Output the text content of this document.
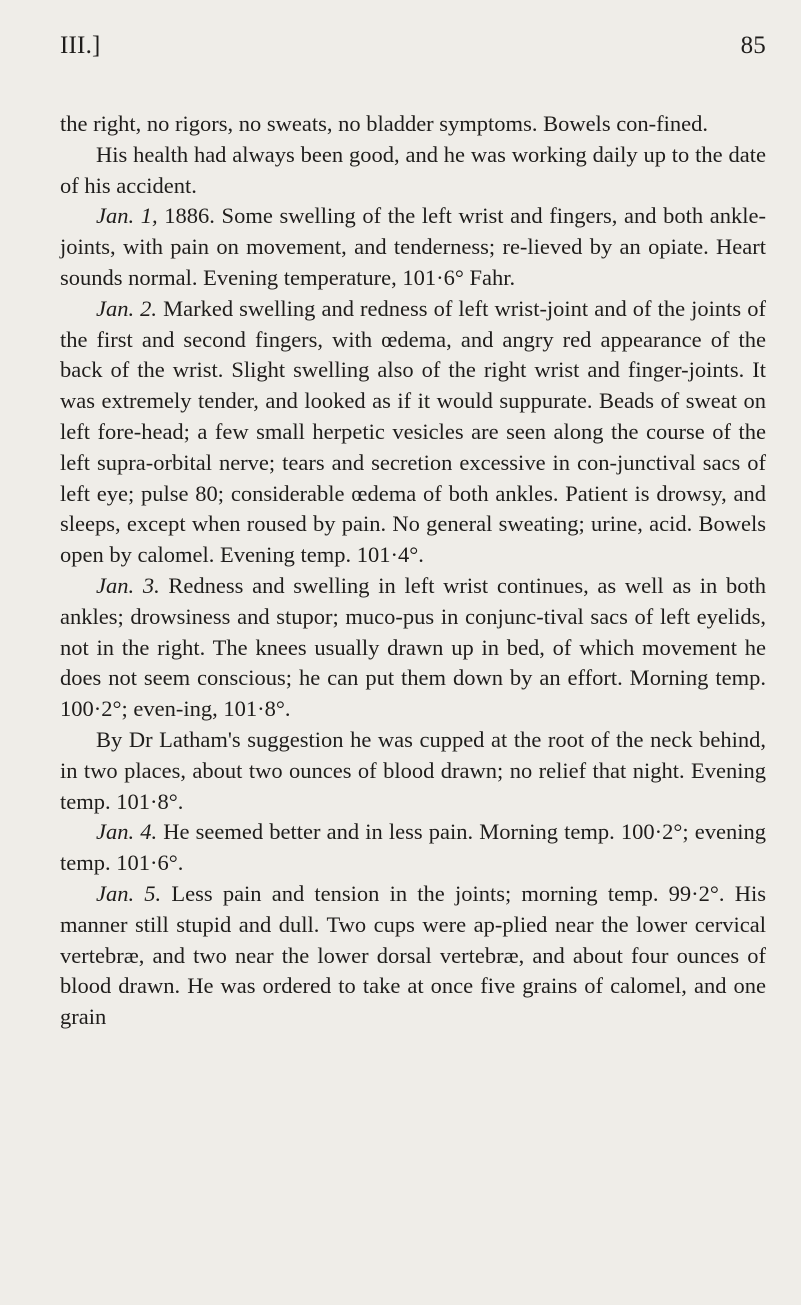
III.]	85

the right, no rigors, no sweats, no bladder symptoms. Bowels con-fined.

His health had always been good, and he was working daily up to the date of his accident.

Jan. 1, 1886. Some swelling of the left wrist and fingers, and both ankle-joints, with pain on movement, and tenderness; re-lieved by an opiate. Heart sounds normal. Evening temperature, 101·6° Fahr.

Jan. 2. Marked swelling and redness of left wrist-joint and of the joints of the first and second fingers, with œdema, and angry red appearance of the back of the wrist. Slight swelling also of the right wrist and finger-joints. It was extremely tender, and looked as if it would suppurate. Beads of sweat on left fore-head; a few small herpetic vesicles are seen along the course of the left supra-orbital nerve; tears and secretion excessive in con-junctival sacs of left eye; pulse 80; considerable œdema of both ankles. Patient is drowsy, and sleeps, except when roused by pain. No general sweating; urine, acid. Bowels open by calomel. Evening temp. 101·4°.

Jan. 3. Redness and swelling in left wrist continues, as well as in both ankles; drowsiness and stupor; muco-pus in conjunc-tival sacs of left eyelids, not in the right. The knees usually drawn up in bed, of which movement he does not seem conscious; he can put them down by an effort. Morning temp. 100·2°; even-ing, 101·8°.

By Dr Latham's suggestion he was cupped at the root of the neck behind, in two places, about two ounces of blood drawn; no relief that night. Evening temp. 101·8°.

Jan. 4. He seemed better and in less pain. Morning temp. 100·2°; evening temp. 101·6°.

Jan. 5. Less pain and tension in the joints; morning temp. 99·2°. His manner still stupid and dull. Two cups were ap-plied near the lower cervical vertebræ, and two near the lower dorsal vertebræ, and about four ounces of blood drawn. He was ordered to take at once five grains of calomel, and one grain
